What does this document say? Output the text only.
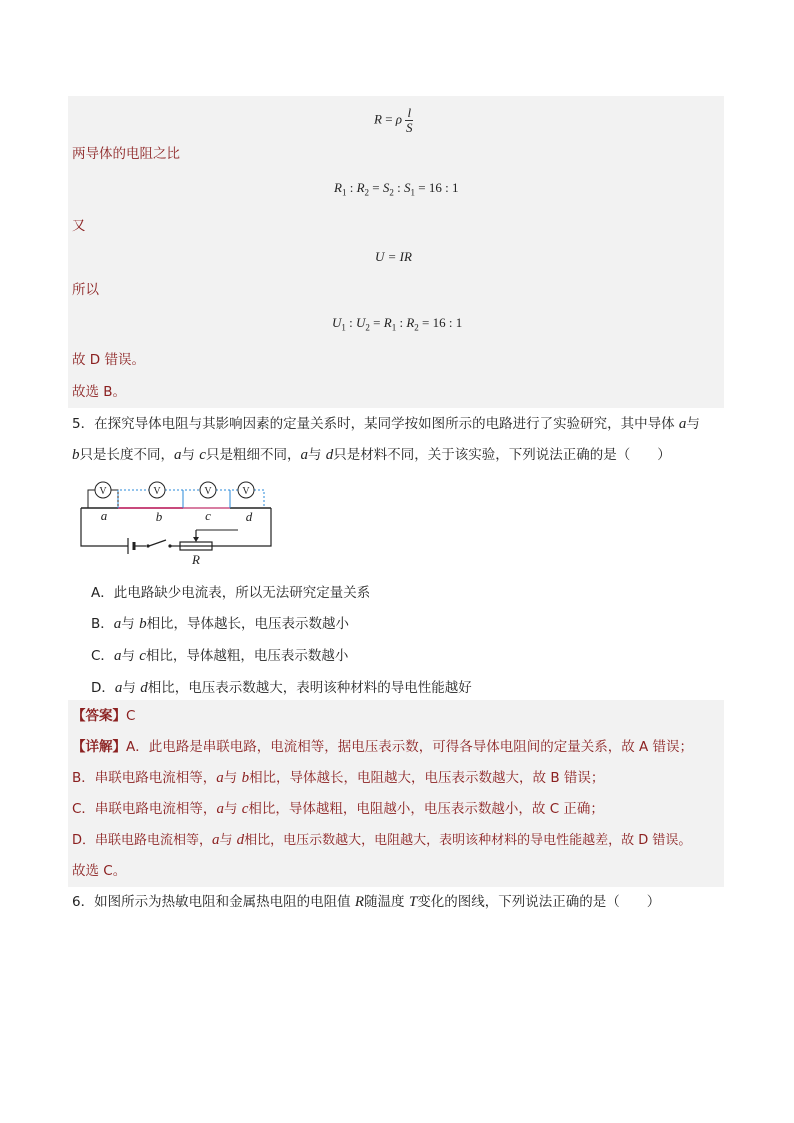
R = ρ $\frac{l}{S}$
两导体的电阻之比
$R_1$ : $R_2 = S_2$ : $S_1 = 16$ : 1
又
U = IR
所以
$U_1$ : $U_2 = R_1$ : $R_2 = 16$ : 1
故 D 错误。
故选 B。
5．在探究导体电阻与其影响因素的定量关系时，某同学按如图所示的电路进行了实验研究，其中导体 a与
b只是长度不同，a与 c只是粗细不同，a与 d只是材料不同，关于该实验，下列说法正确的是（　　）
V	V	V	V
a	b	c	d
R
A．此电路缺少电流表，所以无法研究定量关系
B．a与 b相比，导体越长，电压表示数越小
C．a与 c相比，导体越粗，电压表示数越小
D．a与 d相比，电压表示数越大，表明该种材料的导电性能越好
【答案】C
【详解】A．此电路是串联电路，电流相等，据电压表示数，可得各导体电阻间的定量关系，故 A 错误；
B．串联电路电流相等，a与 b相比，导体越长，电阻越大，电压表示数越大，故 B 错误；
C．串联电路电流相等，a与 c相比，导体越粗，电阻越小，电压表示数越小，故 C 正确；
D．串联电路电流相等，a与 d相比，电压示数越大，电阻越大，表明该种材料的导电性能越差，故 D 错误。
故选 C。
6．如图所示为热敏电阻和金属热电阻的电阻值 R随温度 T变化的图线，下列说法正确的是（　　）
